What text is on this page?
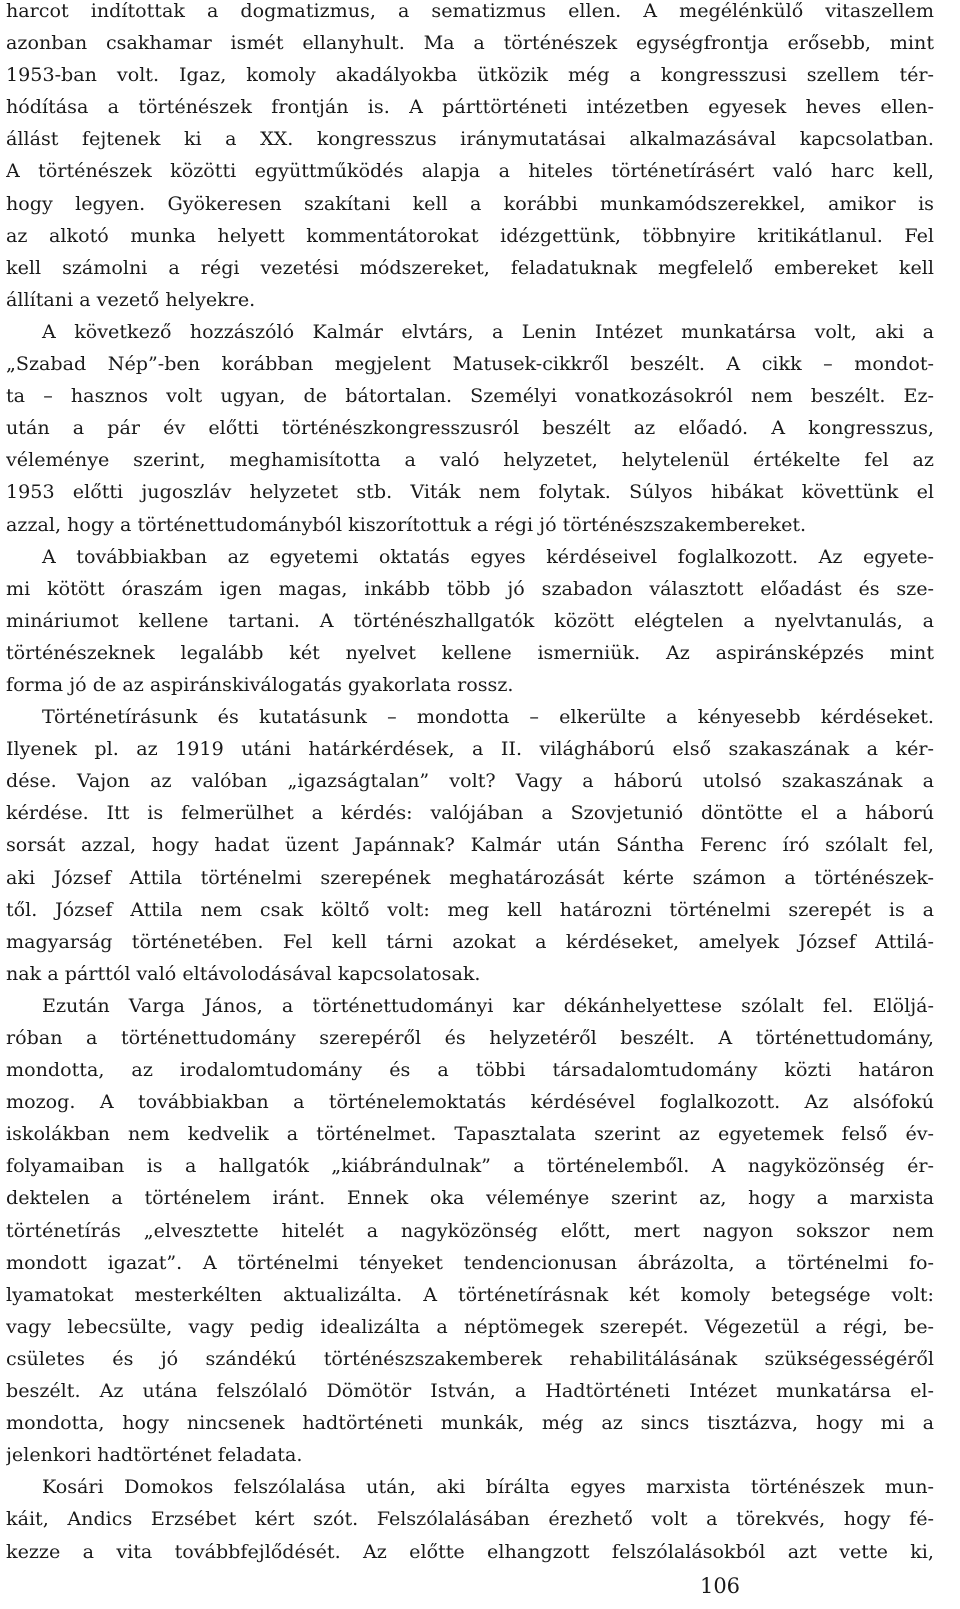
harcot indítottak a dogmatizmus, a sematizmus ellen. A megélénkülő vitaszellem
azonban csakhamar ismét ellanyhult. Ma a történészek egységfrontja erősebb, mint
1953-ban volt. Igaz, komoly akadályokba ütközik még a kongresszusi szellem tér-
hódítása a történészek frontján is. A párttörténeti intézetben egyesek heves ellen-
állást fejtenek ki a XX. kongresszus iránymutatásai alkalmazásával kapcsolatban.
A történészek közötti együttműködés alapja a hiteles történetírásért való harc kell,
hogy legyen. Gyökeresen szakítani kell a korábbi munkamódszerekkel, amikor is
az alkotó munka helyett kommentátorokat idézgettünk, többnyire kritikátlanul. Fel
kell számolni a régi vezetési módszereket, feladatuknak megfelelő embereket kell
állítani a vezető helyekre.
A következő hozzászóló Kalmár elvtárs, a Lenin Intézet munkatársa volt, aki a
„Szabad Nép”-ben korábban megjelent Matusek-cikkről beszélt. A cikk – mondot-
ta – hasznos volt ugyan, de bátortalan. Személyi vonatkozásokról nem beszélt. Ez-
után a pár év előtti történészkongresszusról beszélt az előadó. A kongresszus,
véleménye szerint, meghamisította a való helyzetet, helytelenül értékelte fel az
1953 előtti jugoszláv helyzetet stb. Viták nem folytak. Súlyos hibákat követtünk el
azzal, hogy a történettudományból kiszorítottuk a régi jó történészszakembereket.
A továbbiakban az egyetemi oktatás egyes kérdéseivel foglalkozott. Az egyete-
mi kötött óraszám igen magas, inkább több jó szabadon választott előadást és sze-
mináriumot kellene tartani. A történészhallgatók között elégtelen a nyelvtanulás, a
történészeknek legalább két nyelvet kellene ismerniük. Az aspiránsképzés mint
forma jó de az aspiránskiválogatás gyakorlata rossz.
Történetírásunk és kutatásunk – mondotta – elkerülte a kényesebb kérdéseket.
Ilyenek pl. az 1919 utáni határkérdések, a II. világháború első szakaszának a kér-
dése. Vajon az valóban „igazságtalan” volt? Vagy a háború utolsó szakaszának a
kérdése. Itt is felmerülhet a kérdés: valójában a Szovjetunió döntötte el a háború
sorsát azzal, hogy hadat üzent Japánnak? Kalmár után Sántha Ferenc író szólalt fel,
aki József Attila történelmi szerepének meghatározását kérte számon a történészek-
től. József Attila nem csak költő volt: meg kell határozni történelmi szerepét is a
magyarság történetében. Fel kell tárni azokat a kérdéseket, amelyek József Attilá-
nak a párttól való eltávolodásával kapcsolatosak.
Ezután Varga János, a történettudományi kar dékánhelyettese szólalt fel. Elöljá-
róban a történettudomány szerepéről és helyzetéről beszélt. A történettudomány,
mondotta, az irodalomtudomány és a többi társadalomtudomány közti határon
mozog. A továbbiakban a történelemoktatás kérdésével foglalkozott. Az alsófokú
iskolákban nem kedvelik a történelmet. Tapasztalata szerint az egyetemek felső év-
folyamaiban is a hallgatók „kiábrándulnak” a történelemből. A nagyközönség ér-
dektelen a történelem iránt. Ennek oka véleménye szerint az, hogy a marxista
történetírás „elvesztette hitelét a nagyközönség előtt, mert nagyon sokszor nem
mondott igazat”. A történelmi tényeket tendencionusan ábrázolta, a történelmi fo-
lyamatokat mesterkélten aktualizálta. A történetírásnak két komoly betegsége volt:
vagy lebecsülte, vagy pedig idealizálta a néptömegek szerepét. Végezetül a régi, be-
csületes és jó szándékú történészszakemberek rehabilitálásának szükségességéről
beszélt. Az utána felszólaló Dömötör István, a Hadtörténeti Intézet munkatársa el-
mondotta, hogy nincsenek hadtörténeti munkák, még az sincs tisztázva, hogy mi a
jelenkori hadtörténet feladata.
Kosári Domokos felszólalása után, aki bírálta egyes marxista történészek mun-
káit, Andics Erzsébet kért szót. Felszólalásában érezhető volt a törekvés, hogy fé-
kezze a vita továbbfejlődését. Az előtte elhangzott felszólalásokból azt vette ki,
106
